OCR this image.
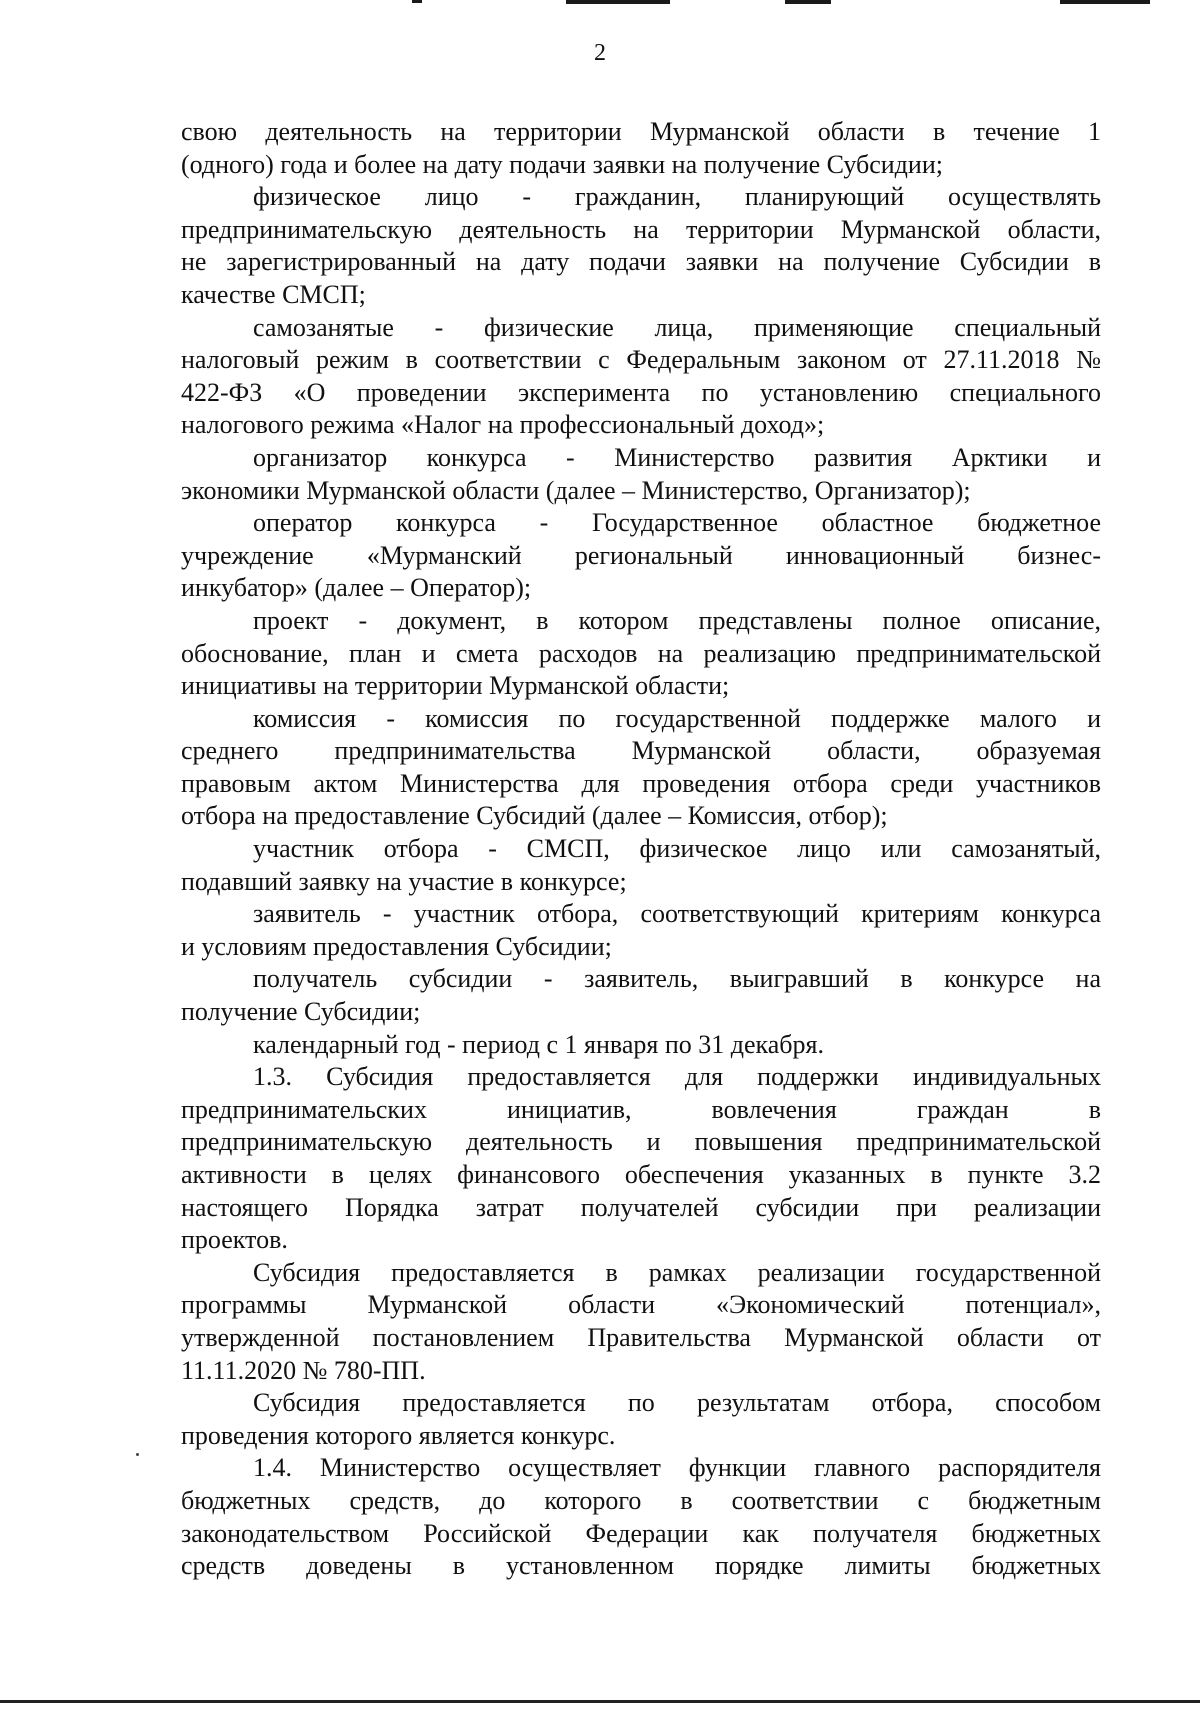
2
свою деятельность на территории Мурманской области в течение 1
(одного) года и более на дату подачи заявки на получение Субсидии;
физическое лицо - гражданин, планирующий осуществлять
предпринимательскую деятельность на территории Мурманской области,
не зарегистрированный на дату подачи заявки на получение Субсидии в
качестве СМСП;
самозанятые - физические лица, применяющие специальный
налоговый режим в соответствии с Федеральным законом от 27.11.2018 №
422-ФЗ «О проведении эксперимента по установлению специального
налогового режима «Налог на профессиональный доход»;
организатор конкурса - Министерство развития Арктики и
экономики Мурманской области (далее – Министерство, Организатор);
оператор конкурса - Государственное областное бюджетное
учреждение «Мурманский региональный инновационный бизнес-
инкубатор» (далее – Оператор);
проект - документ, в котором представлены полное описание,
обоснование, план и смета расходов на реализацию предпринимательской
инициативы на территории Мурманской области;
комиссия - комиссия по государственной поддержке малого и
среднего предпринимательства Мурманской области, образуемая
правовым актом Министерства для проведения отбора среди участников
отбора на предоставление Субсидий (далее – Комиссия, отбор);
участник отбора - СМСП, физическое лицо или самозанятый,
подавший заявку на участие в конкурсе;
заявитель - участник отбора, соответствующий критериям конкурса
и условиям предоставления Субсидии;
получатель субсидии - заявитель, выигравший в конкурсе на
получение Субсидии;
календарный год - период с 1 января по 31 декабря.
1.3. Субсидия предоставляется для поддержки индивидуальных
предпринимательских инициатив, вовлечения граждан в
предпринимательскую деятельность и повышения предпринимательской
активности в целях финансового обеспечения указанных в пункте 3.2
настоящего Порядка затрат получателей субсидии при реализации
проектов.
Субсидия предоставляется в рамках реализации государственной
программы Мурманской области «Экономический потенциал»,
утвержденной постановлением Правительства Мурманской области от
11.11.2020 № 780-ПП.
Субсидия предоставляется по результатам отбора, способом
проведения которого является конкурс.
1.4. Министерство осуществляет функции главного распорядителя
бюджетных средств, до которого в соответствии с бюджетным
законодательством Российской Федерации как получателя бюджетных
средств доведены в установленном порядке лимиты бюджетных
